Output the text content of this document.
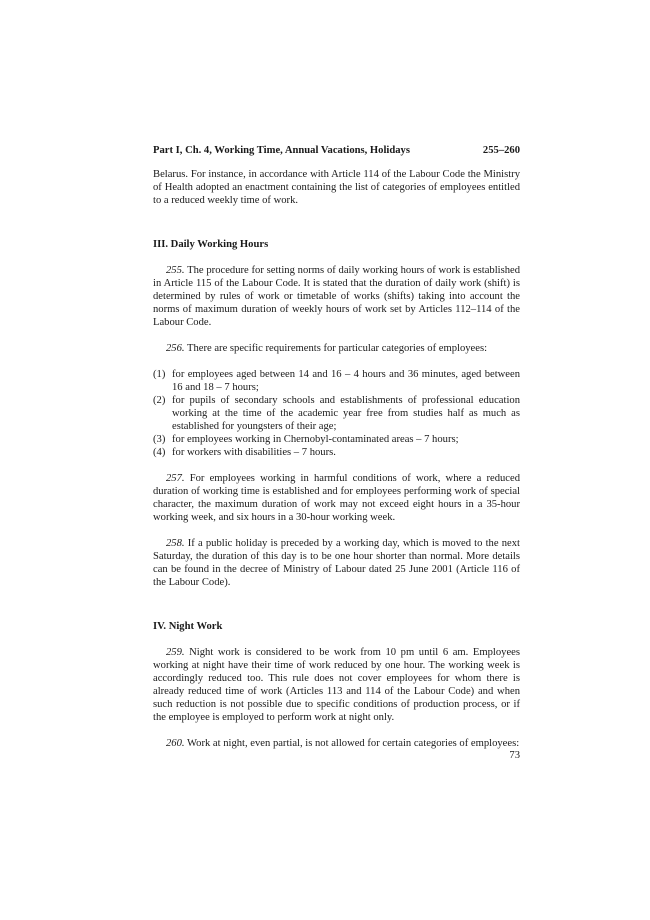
Part I, Ch. 4, Working Time, Annual Vacations, Holidays	255–260

Belarus. For instance, in accordance with Article 114 of the Labour Code the Ministry of Health adopted an enactment containing the list of categories of employees entitled to a reduced weekly time of work.

III. Daily Working Hours

255. The procedure for setting norms of daily working hours of work is established in Article 115 of the Labour Code. It is stated that the duration of daily work (shift) is determined by rules of work or timetable of works (shifts) taking into account the norms of maximum duration of weekly hours of work set by Articles 112–114 of the Labour Code.

256. There are specific requirements for particular categories of employees:

(1) for employees aged between 14 and 16 – 4 hours and 36 minutes, aged between 16 and 18 – 7 hours;
(2) for pupils of secondary schools and establishments of professional education working at the time of the academic year free from studies half as much as established for youngsters of their age;
(3) for employees working in Chernobyl-contaminated areas – 7 hours;
(4) for workers with disabilities – 7 hours.

257. For employees working in harmful conditions of work, where a reduced duration of working time is established and for employees performing work of special character, the maximum duration of work may not exceed eight hours in a 35-hour working week, and six hours in a 30-hour working week.

258. If a public holiday is preceded by a working day, which is moved to the next Saturday, the duration of this day is to be one hour shorter than normal. More details can be found in the decree of Ministry of Labour dated 25 June 2001 (Article 116 of the Labour Code).

IV. Night Work

259. Night work is considered to be work from 10 pm until 6 am. Employees working at night have their time of work reduced by one hour. The working week is accordingly reduced too. This rule does not cover employees for whom there is already reduced time of work (Articles 113 and 114 of the Labour Code) and when such reduction is not possible due to specific conditions of production process, or if the employee is employed to perform work at night only.

260. Work at night, even partial, is not allowed for certain categories of employees:

73
